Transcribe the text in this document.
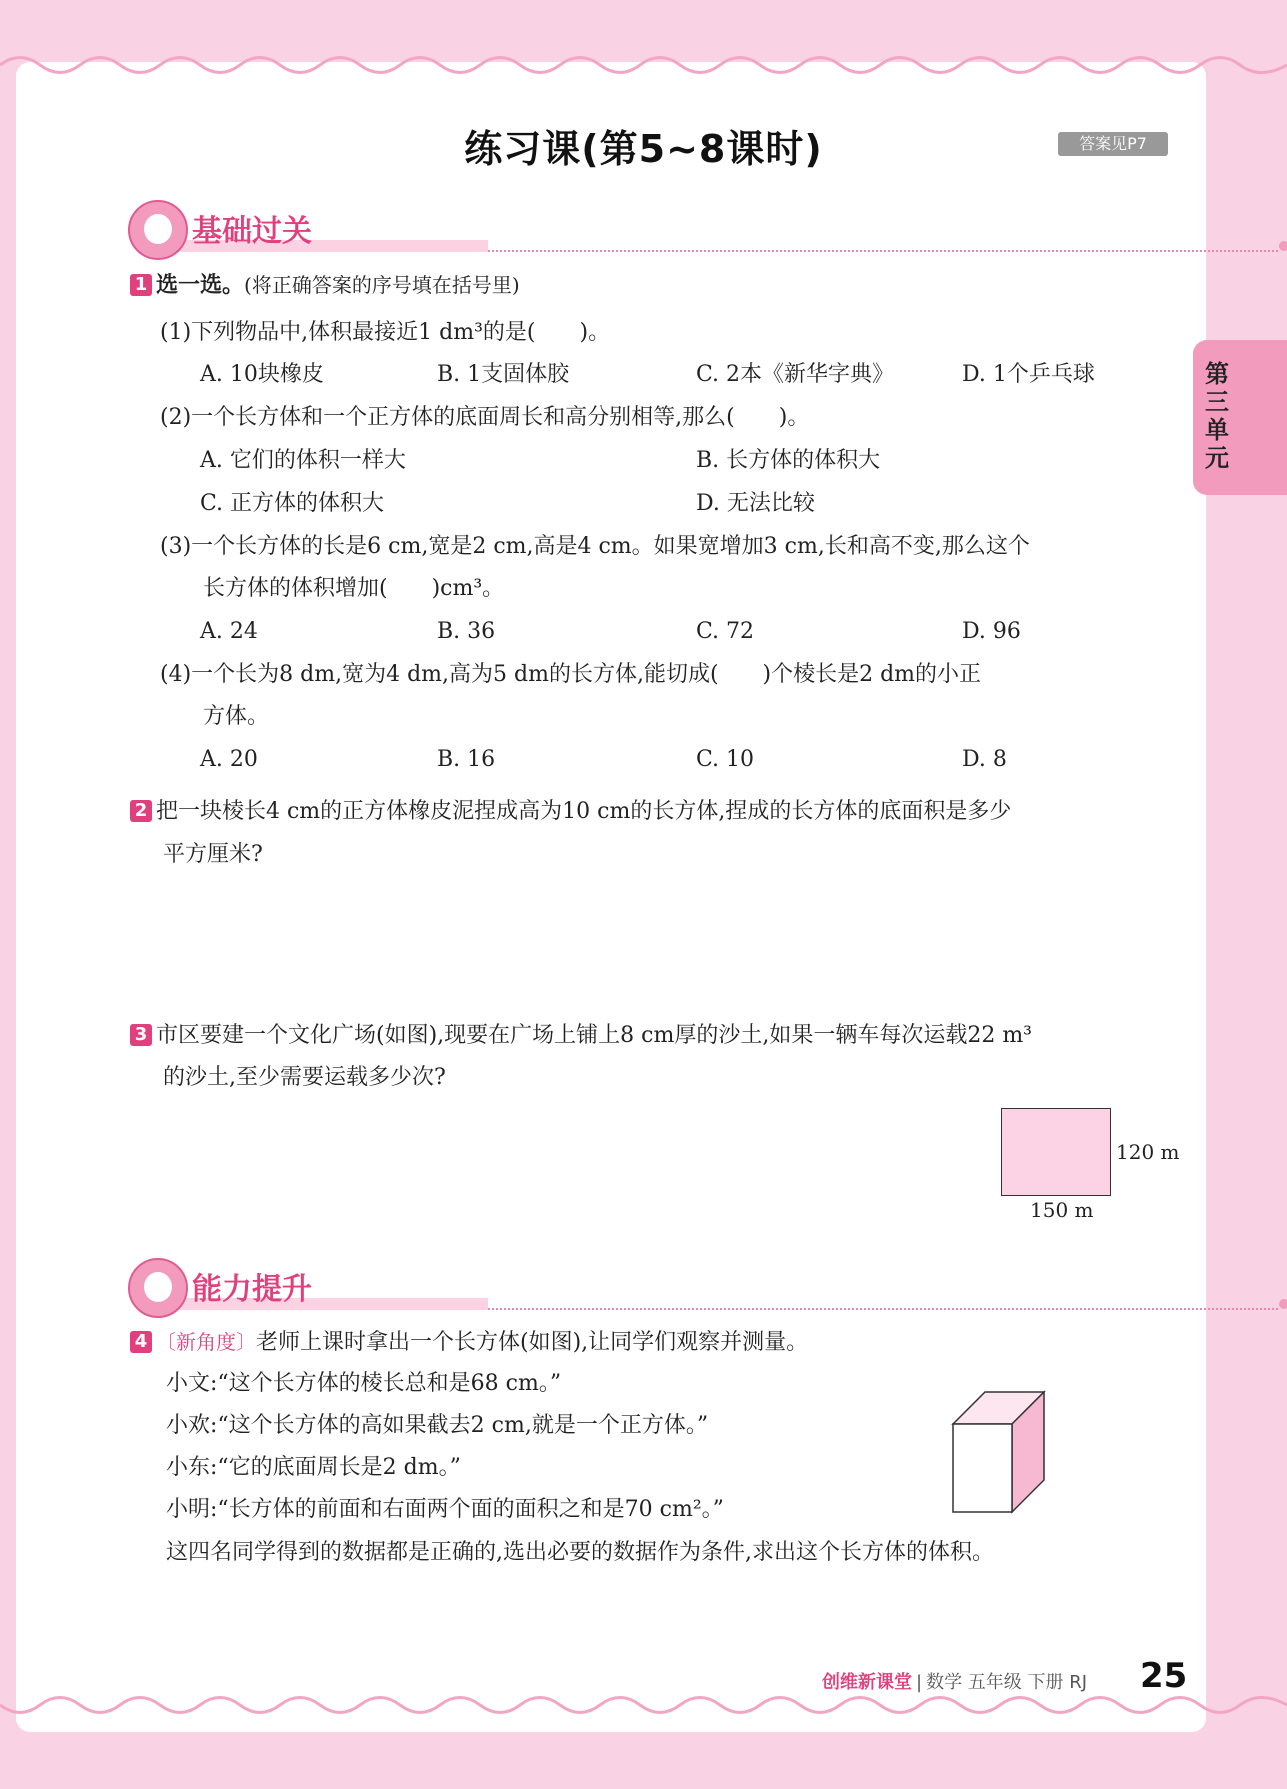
练习课(第5~8课时)	答案见P7
第三单元
基础过关
1 选一选。(将正确答案的序号填在括号里)
(1)下列物品中,体积最接近1 dm³的是(　　)。
A. 10块橡皮	B. 1支固体胶	C. 2本《新华字典》	D. 1个乒乓球
(2)一个长方体和一个正方体的底面周长和高分别相等,那么(　　)。
A. 它们的体积一样大	B. 长方体的体积大
C. 正方体的体积大	D. 无法比较
(3)一个长方体的长是6 cm,宽是2 cm,高是4 cm。如果宽增加3 cm,长和高不变,那么这个
长方体的体积增加(　　)cm³。
A. 24	B. 36	C. 72	D. 96
(4)一个长为8 dm,宽为4 dm,高为5 dm的长方体,能切成(　　)个棱长是2 dm的小正
方体。
A. 20	B. 16	C. 10	D. 8
2 把一块棱长4 cm的正方体橡皮泥捏成高为10 cm的长方体,捏成的长方体的底面积是多少
平方厘米?
3 市区要建一个文化广场(如图),现要在广场上铺上8 cm厚的沙土,如果一辆车每次运载22 m³
的沙土,至少需要运载多少次?
120 m
150 m
能力提升
4 〔新角度〕老师上课时拿出一个长方体(如图),让同学们观察并测量。
小文:“这个长方体的棱长总和是68 cm。”
小欢:“这个长方体的高如果截去2 cm,就是一个正方体。”
小东:“它的底面周长是2 dm。”
小明:“长方体的前面和右面两个面的面积之和是70 cm²。”
这四名同学得到的数据都是正确的,选出必要的数据作为条件,求出这个长方体的体积。
创维新课堂 | 数学 五年级 下册 RJ 25
